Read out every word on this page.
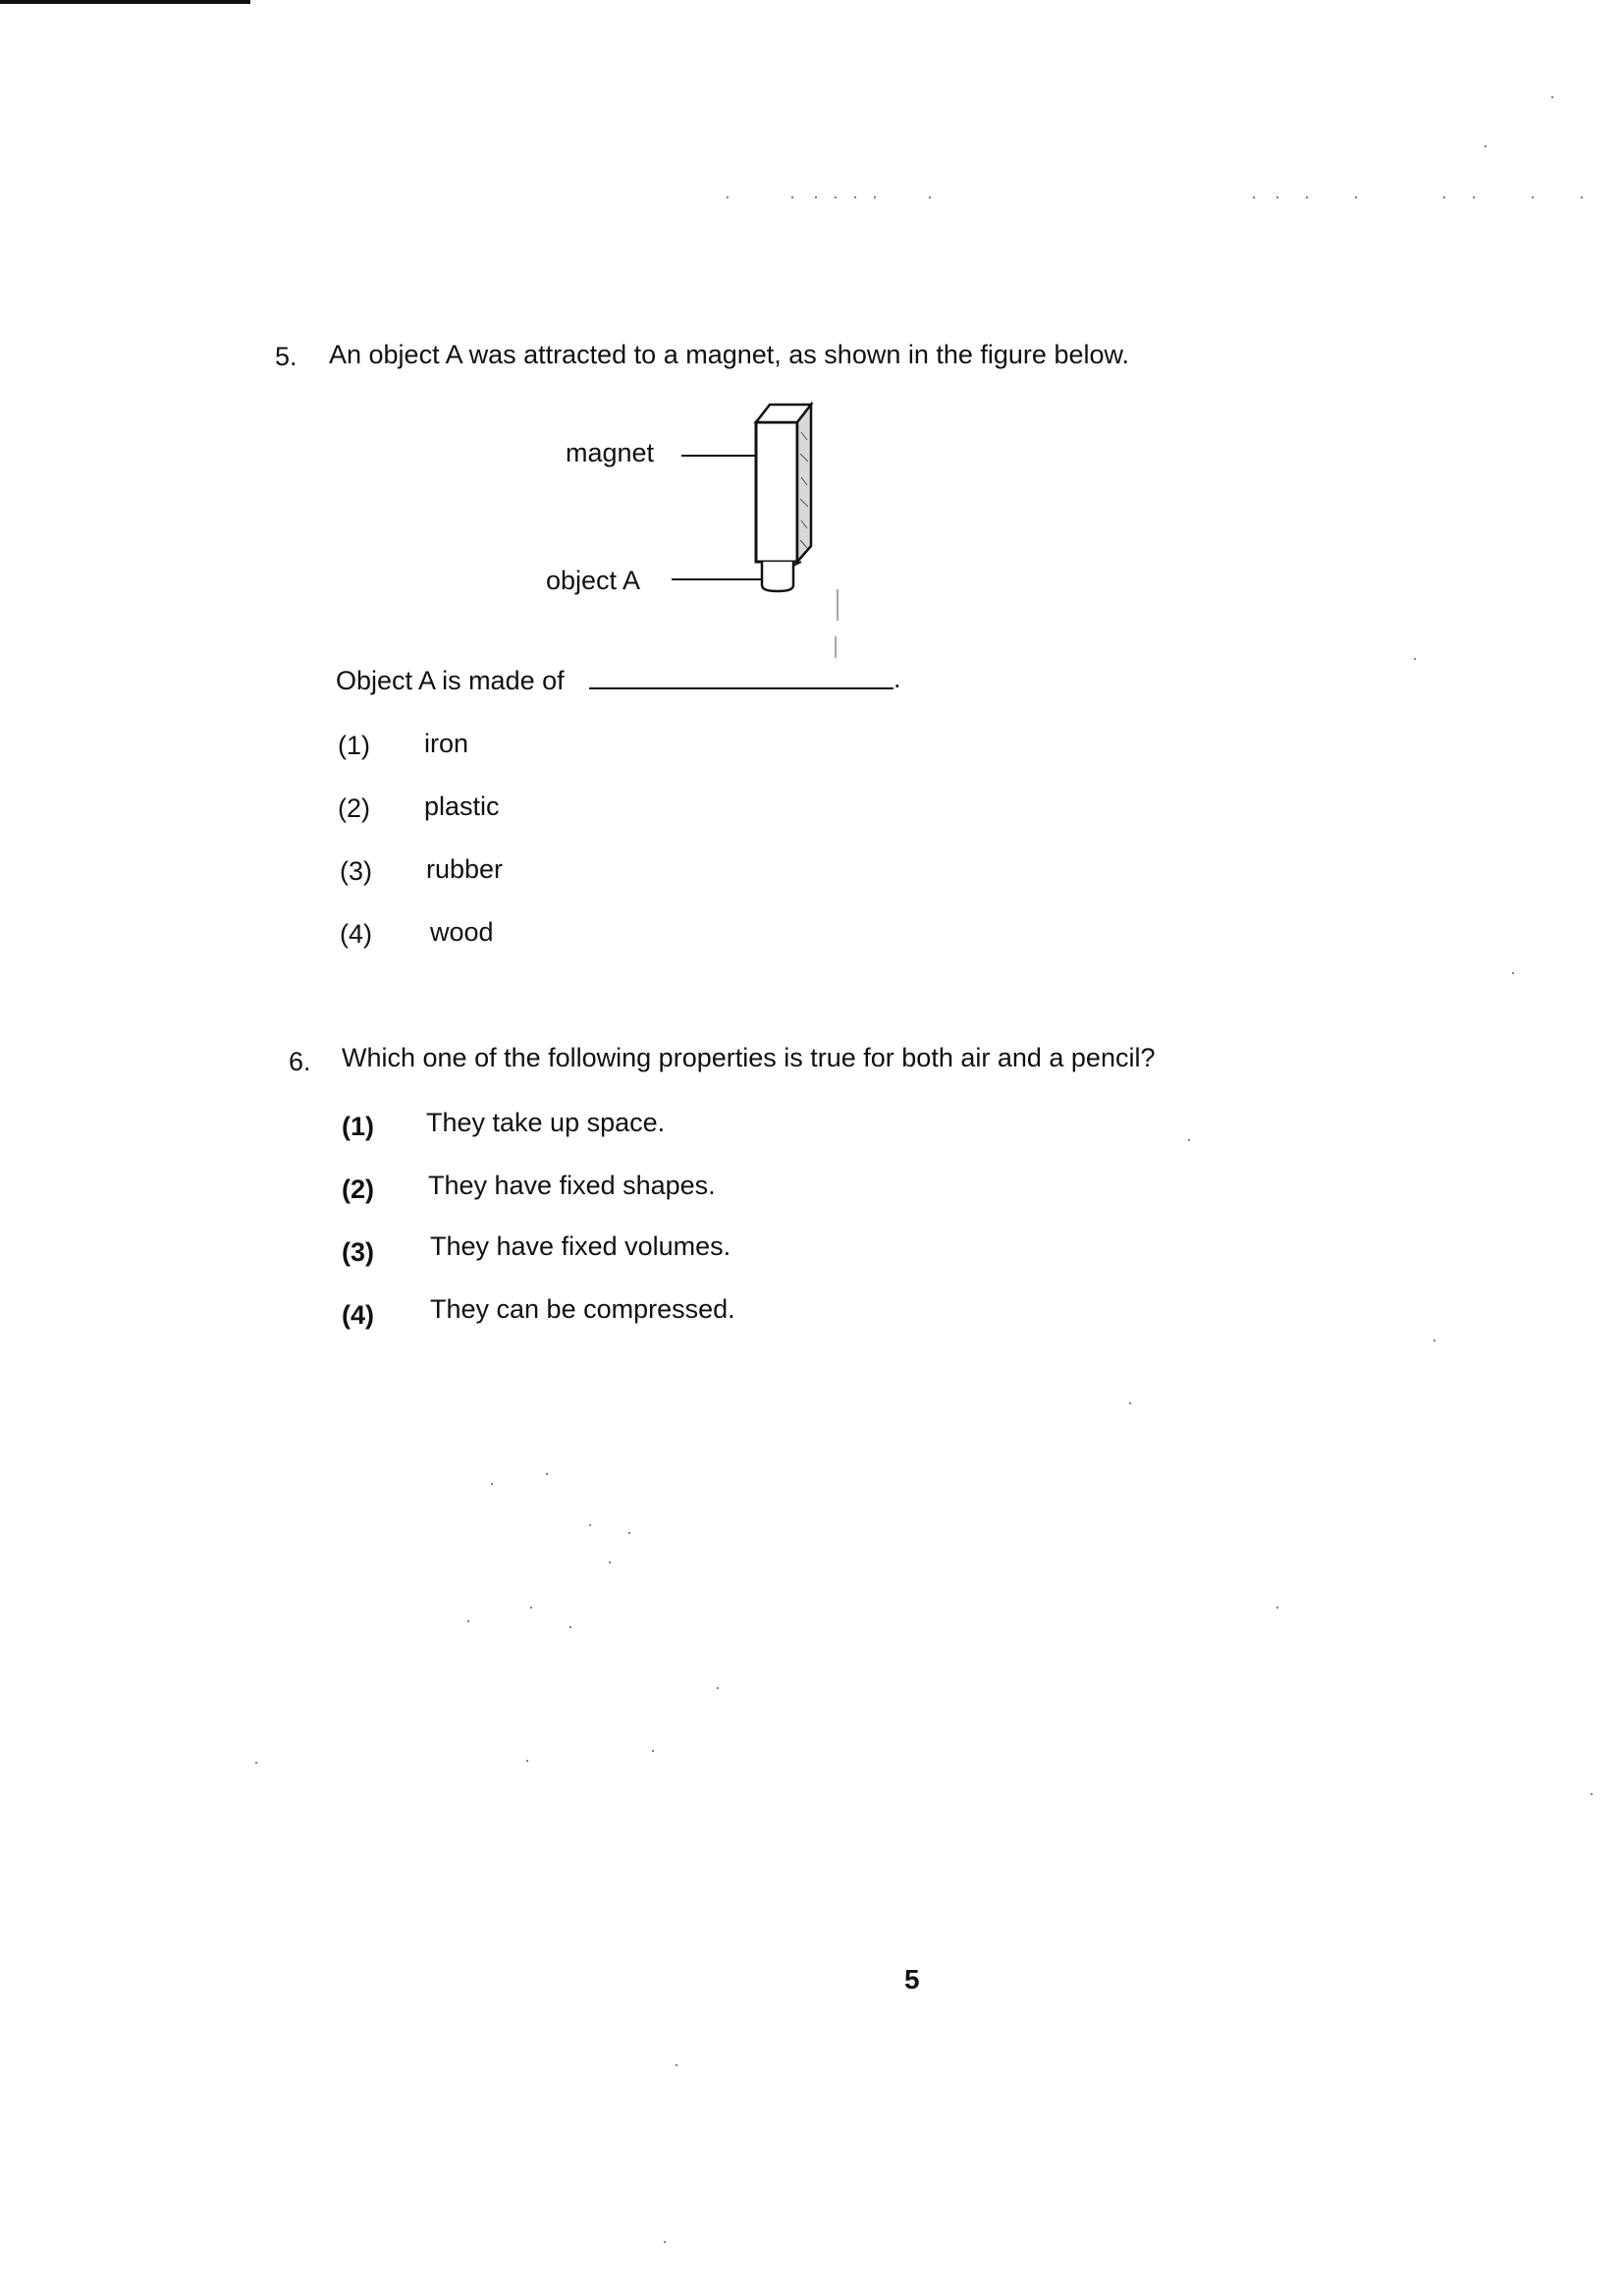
5. An object A was attracted to a magnet, as shown in the figure below.
magnet
object A
Object A is made of	.
(1) iron
(2) plastic
(3) rubber
(4) wood
6. Which one of the following properties is true for both air and a pencil?
(1) They take up space.
(2) They have fixed shapes.
(3) They have fixed volumes.
(4) They can be compressed.
5
